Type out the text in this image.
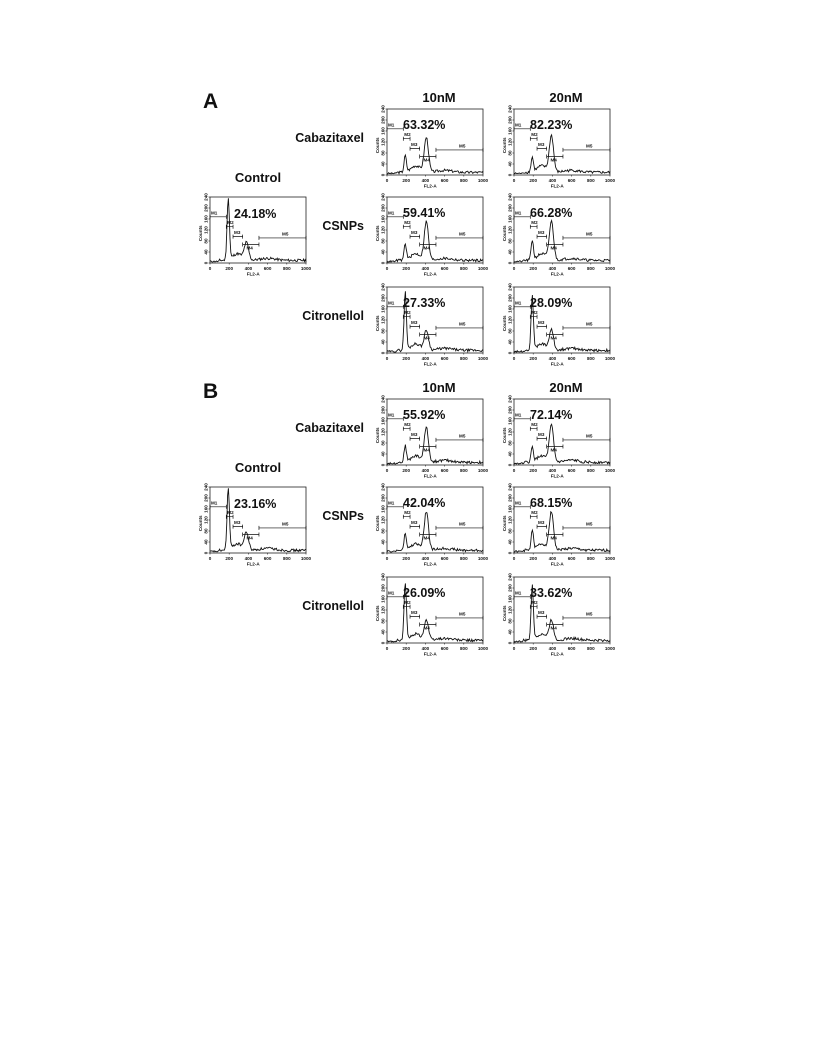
A	10nM	20nM
Control
0
40
80
120
160
200
240
Counts
0	200	400	600	800 1000
FL2-A
M1
M2
M3
M4
M5
24.18%
Cabazitaxel
0
40
80
120
160
200
240
Counts
0	200	400	600	800 1000
FL2-A
M1
M2
M3
M4
M5
63.32%
0
40
80
120
160
200
240
Counts
0	200	400	600	800 1000
FL2-A
M1
M2
M3
M4
M5
82.23%
CSNPs
0
40
80
120
160
200
240
Counts
0	200	400	600	800 1000
FL2-A
M1
M2
M3
M4
M5
59.41%
0
40
80
120
160
200
240
Counts
0	200	400	600	800 1000
FL2-A
M1
M2
M3
M4
M5
66.28%
Citronellol
0
40
80
120
160
200
240
Counts
0	200	400	600	800 1000
FL2-A
M1
M2
M3
M4
M5
27.33%
0
40
80
120
160
200
240
Counts
0	200	400	600	800 1000
FL2-A
M1
M2
M3
M4
M5
28.09%
B	10nM	20nM
Control
0
40
80
120
160
200
240
Counts
0	200	400	600	800 1000
FL2-A
M1
M2
M3
M4
M5
23.16%
Cabazitaxel
0
40
80
120
160
200
240
Counts
0	200	400	600	800 1000
FL2-A
M1
M2
M3
M4
M5
55.92%
0
40
80
120
160
200
240
Counts
0	200	400	600	800 1000
FL2-A
M1
M2
M3
M4
M5
72.14%
CSNPs
0
40
80
120
160
200
240
Counts
0	200	400	600	800 1000
FL2-A
M1
M2
M3
M4
M5
42.04%
0
40
80
120
160
200
240
Counts
0	200	400	600	800 1000
FL2-A
M1
M2
M3
M4
M5
68.15%
Citronellol
0
40
80
120
160
200
240
Counts
0	200	400	600	800 1000
FL2-A
M1
M2
M3
M4
M5
26.09%
0
40
80
120
160
200
240
Counts
0	200	400	600	800 1000
FL2-A
M1
M2
M3
M4
M5
33.62%
